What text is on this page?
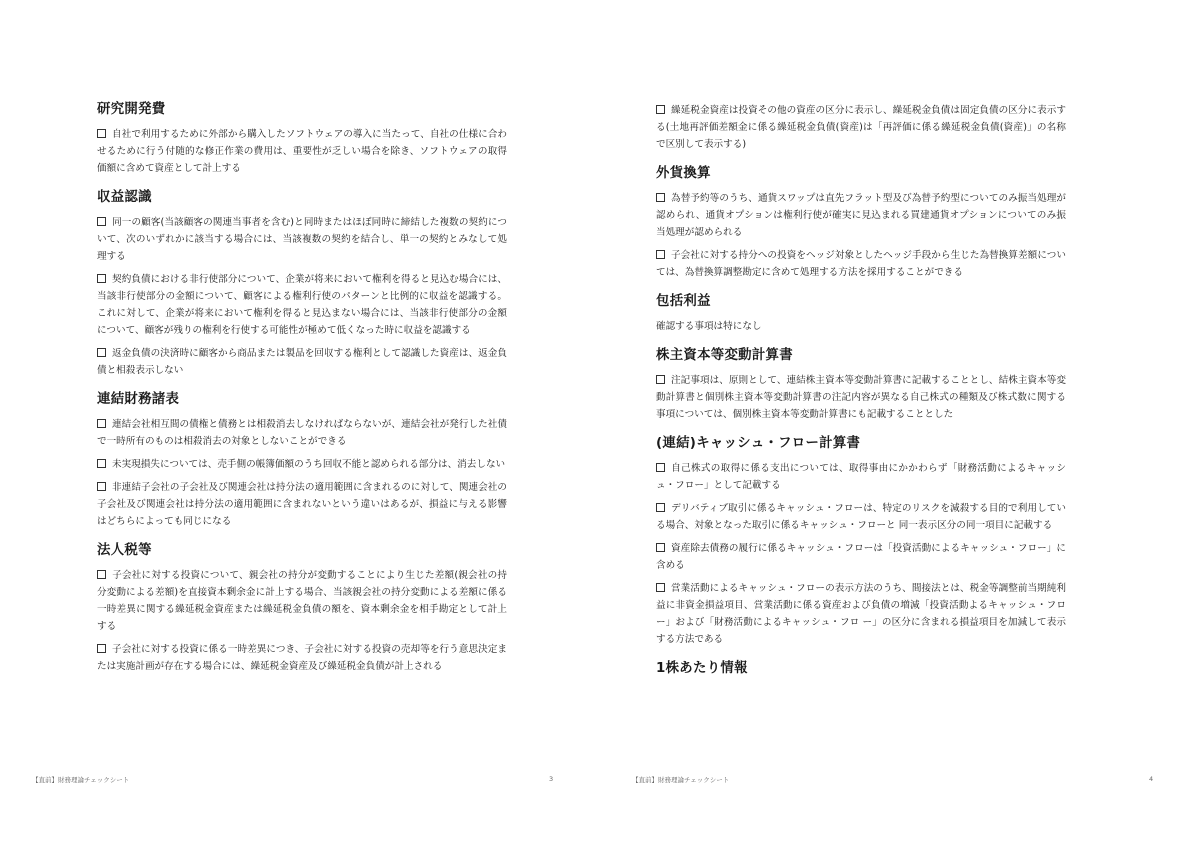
研究開発費
自社で利用するために外部から購入したソフトウェアの導入に当たって、自社の仕様に合わせるために行う付随的な修正作業の費用は、重要性が乏しい場合を除き、ソフトウェアの取得価額に含めて資産として計上する
収益認識
同一の顧客(当該顧客の関連当事者を含む)と同時またはほぼ同時に締結した複数の契約について、次のいずれかに該当する場合には、当該複数の契約を結合し、単一の契約とみなして処理する
契約負債における非行使部分について、企業が将来において権利を得ると見込む場合には、当該非行使部分の金額について、顧客による権利行使のパターンと比例的に収益を認識する。これに対して、企業が将来において権利を得ると見込まない場合には、当該非行使部分の金額について、顧客が残りの権利を行使する可能性が極めて低くなった時に収益を認識する
返金負債の決済時に顧客から商品または製品を回収する権利として認識した資産は、返金負債と相殺表示しない
連結財務諸表
連結会社相互間の債権と債務とは相殺消去しなければならないが、連結会社が発行した社債で一時所有のものは相殺消去の対象としないことができる
未実現損失については、売手側の帳簿価額のうち回収不能と認められる部分は、消去しない
非連結子会社の子会社及び関連会社は持分法の適用範囲に含まれるのに対して、関連会社の子会社及び関連会社は持分法の適用範囲に含まれないという違いはあるが、損益に与える影響はどちらによっても同じになる
法人税等
子会社に対する投資について、親会社の持分が変動することにより生じた差額(親会社の持分変動による差額)を直接資本剰余金に計上する場合、当該親会社の持分変動による差額に係る一時差異に関する繰延税金資産または繰延税金負債の額を、資本剰余金を相手勘定として計上する
子会社に対する投資に係る一時差異につき、子会社に対する投資の売却等を行う意思決定または実施計画が存在する場合には、繰延税金資産及び繰延税金負債が計上される
【直前】財務理論チェックシート	3
繰延税金資産は投資その他の資産の区分に表示し、繰延税金負債は固定負債の区分に表示する(土地再評価差額金に係る繰延税金負債(資産)は「再評価に係る繰延税金負債(資産)」の名称で区別して表示する)
外貨換算
為替予約等のうち、通貨スワップは直先フラット型及び為替予約型についてのみ振当処理が認められ、通貨オプションは権利行使が確実に見込まれる買建通貨オプションについてのみ振当処理が認められる
子会社に対する持分への投資をヘッジ対象としたヘッジ手段から生じた為替換算差額については、為替換算調整勘定に含めて処理する方法を採用することができる
包括利益
確認する事項は特になし
株主資本等変動計算書
注記事項は、原則として、連結株主資本等変動計算書に記載することとし、結株主資本等変動計算書と個別株主資本等変動計算書の注記内容が異なる自己株式の種類及び株式数に関する事項については、個別株主資本等変動計算書にも記載することとした
(連結)キャッシュ・フロー計算書
自己株式の取得に係る支出については、取得事由にかかわらず「財務活動によるキャッシュ・フロー」として記載する
デリバティブ取引に係るキャッシュ・フローは、特定のリスクを減殺する目的で利用している場合、対象となった取引に係るキャッシュ・フローと 同一表示区分の同一項目に記載する
資産除去債務の履行に係るキャッシュ・フローは「投資活動によるキャッシュ・フロー」に含める
営業活動によるキャッシュ・フローの表示方法のうち、間接法とは、税金等調整前当期純利益に非資金損益項目、営業活動に係る資産および負債の増減「投資活動よるキャッシュ・フロー」および「財務活動によるキャッシュ・フロ ー」の区分に含まれる損益項目を加減して表示する方法である
1株あたり情報
【直前】財務理論チェックシート	4
